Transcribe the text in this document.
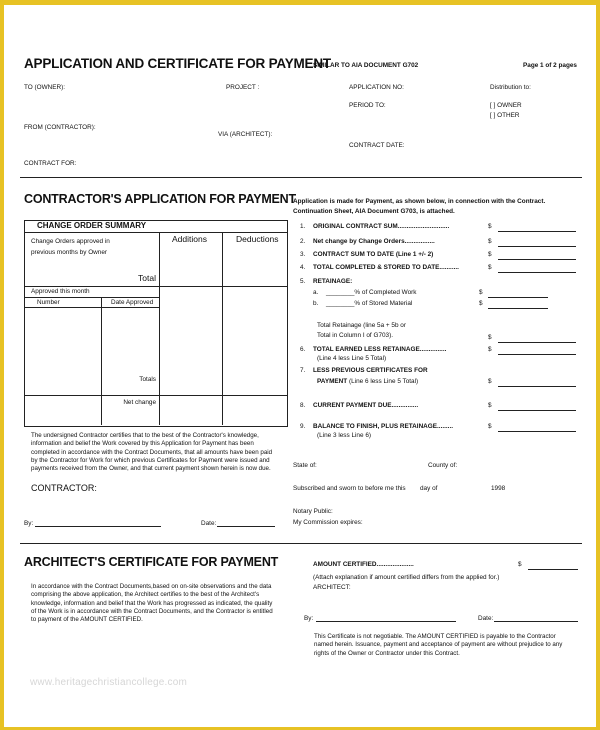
APPLICATION AND CERTIFICATE FOR PAYMENT
SIMILAR TO AIA DOCUMENT G702	Page 1 of 2 pages
TO (OWNER):	PROJECT :	APPLICATION NO:	Distribution to:
PERIOD TO:	[ ] OWNER
[ ] OTHER
FROM (CONTRACTOR):
VIA (ARCHITECT):
CONTRACT DATE:
CONTRACT FOR:
CONTRACTOR'S APPLICATION FOR PAYMENT
Application is made for Payment, as shown below, in connection with the Contract.
Continuation Sheet, AIA Document G703, is attached.
CHANGE ORDER SUMMARY
Change Orders approved in
previous months by Owner
Additions	Deductions
Total
Approved this month
Number	Date Approved
Totals
Net change
1. ORIGINAL CONTRACT SUM.............................	$
2. Net change by Change Orders.................	$
3. CONTRACT SUM TO DATE (Line 1 +/- 2)	$
4. TOTAL COMPLETED & STORED TO DATE...........	$
5. RETAINAGE:
a. ________% of Completed Work	$
b. ________% of Stored Material	$
Total Retainage (line 5a + 5b or
Total in Column I of G703).	$
6. TOTAL EARNED LESS RETAINAGE...............	$
(Line 4 less Line 5 Total)
7. LESS PREVIOUS CERTIFICATES FOR
PAYMENT (Line 6 less Line 5 Total)	$
8. CURRENT PAYMENT DUE...............	$
9. BALANCE TO FINISH, PLUS RETAINAGE.........	$
(Line 3 less Line 6)
The undersigned Contractor certifies that to the best of the Contractor's knowledge, information and belief the Work covered by this Application for Payment has been completed in accordance with the Contract Documents, that all amounts have been paid by the Contractor for Work for which previous Certificates for Payment were issued and payments received from the Owner, and that current payment shown herein is now due.
CONTRACTOR:
By:	Date:
State of:	County of:
Subscribed and sworn to before me this day of	1998
Notary Public:
My Commission expires:
ARCHITECT'S CERTIFICATE FOR PAYMENT
In accordance with the Contract Documents,based on on-site observations and the data comprising the above application, the Architect certifies to the best of the Architect's knowledge, information and belief that the Work has progressed as indicated, the quality of the Work is in accordance with the Contract Documents, and the Contractor is entitled to payment of the AMOUNT CERTIFIED.
AMOUNT CERTIFIED.....................	$
(Attach explanation if amount certified differs from the applied for.)
ARCHITECT:
By:	Date:
This Certificate is not negotiable. The AMOUNT CERTIFIED is payable to the Contractor named herein. Issuance, payment and acceptance of payment are without prejudice to any rights of the Owner or Contractor under this Contract.
www.heritagechristiancollege.com
